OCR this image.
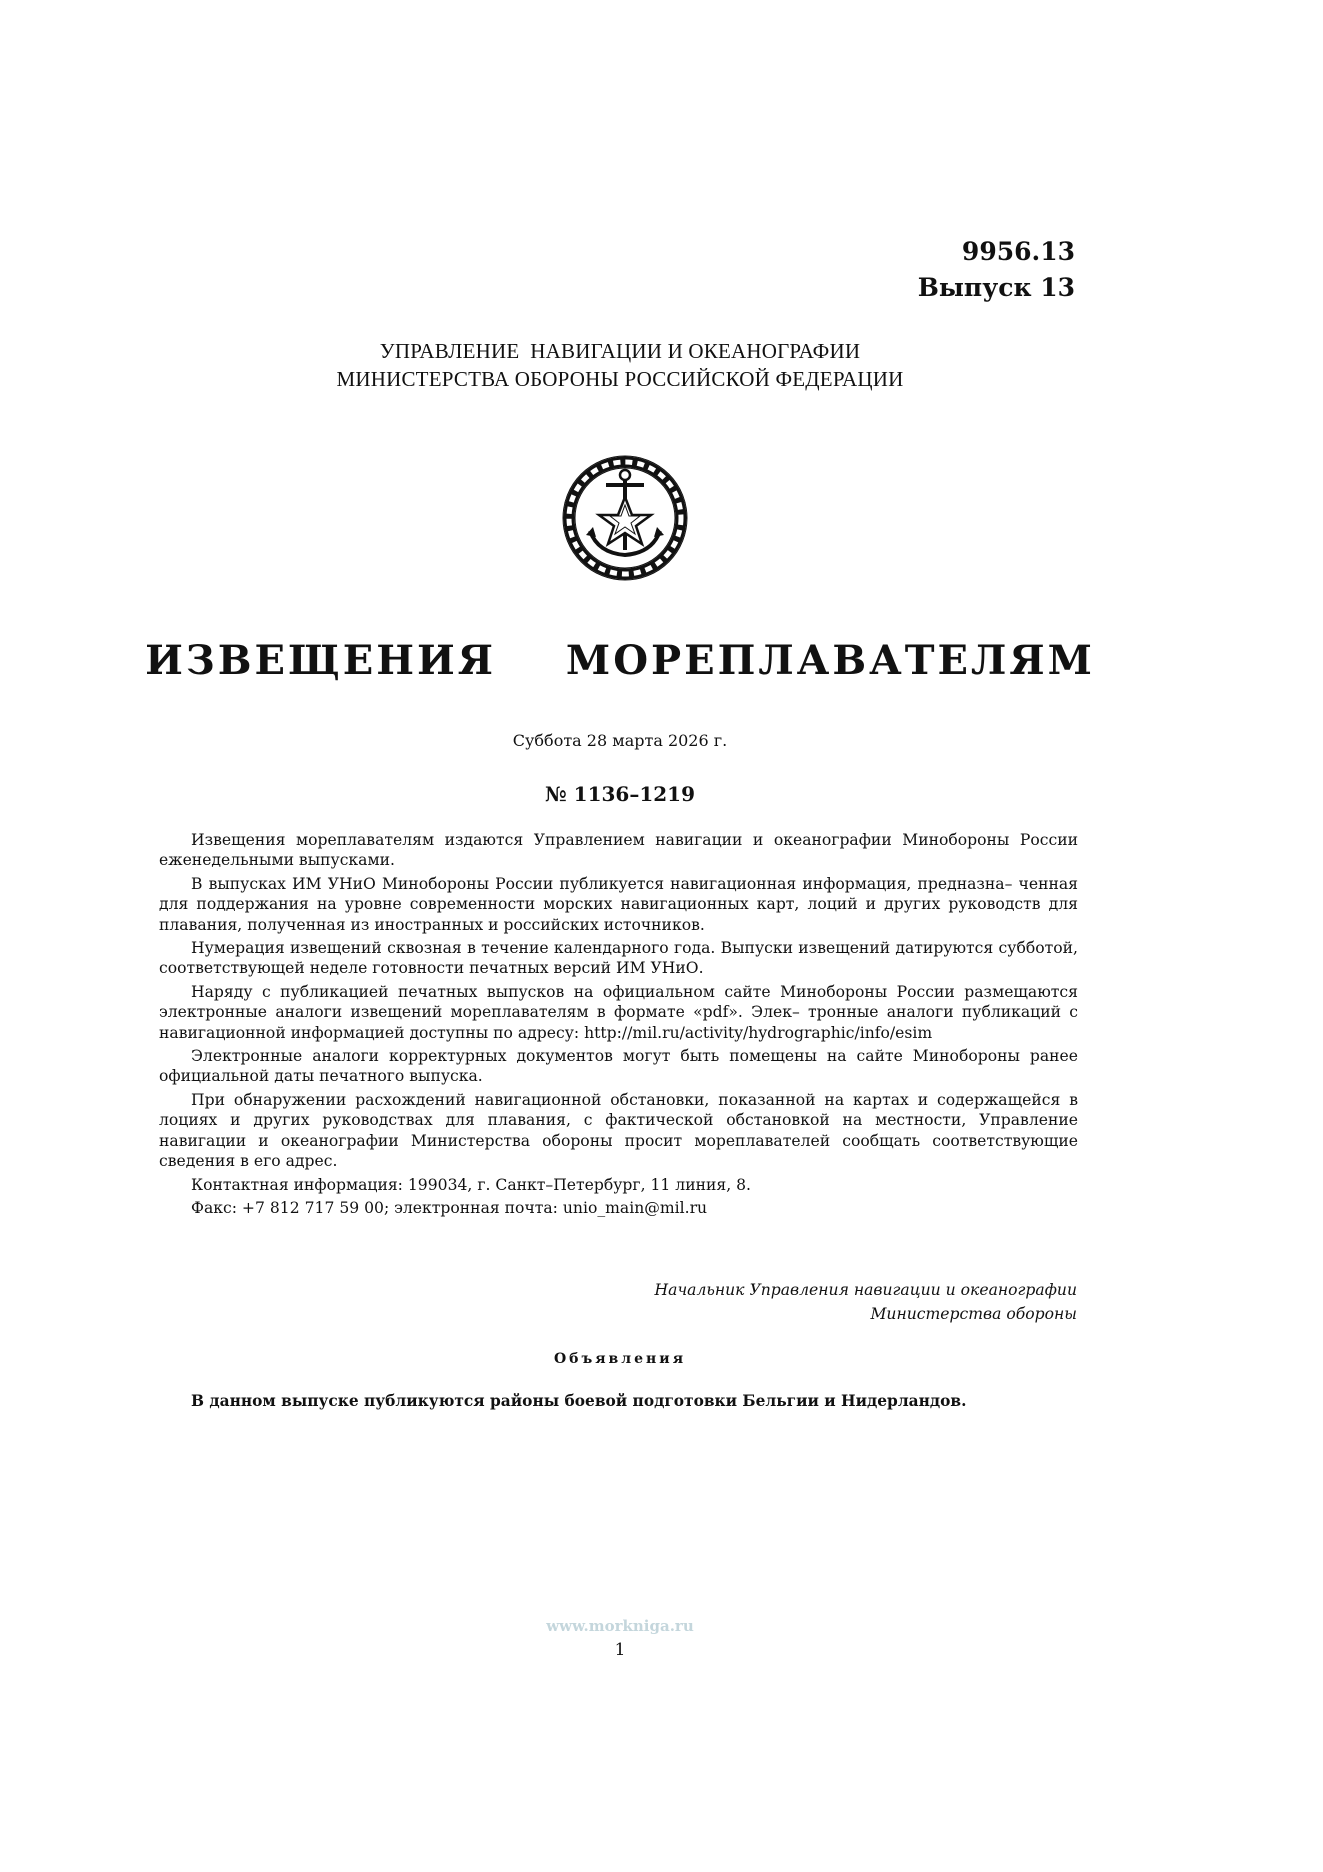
9956.13
Выпуск 13
УПРАВЛЕНИЕ  НАВИГАЦИИ И ОКЕАНОГРАФИИ
МИНИСТЕРСТВА ОБОРОНЫ РОССИЙСКОЙ ФЕДЕРАЦИИ
ИЗВЕЩЕНИЯ  МОРЕПЛАВАТЕЛЯМ
Суббота 28 марта 2026 г.
№ 1136–1219

Извещения мореплавателям издаются Управлением навигации и океанографии Минобороны России еженедельными выпусками.

В выпусках ИМ УНиО Минобороны России публикуется навигационная информация, предназна– ченная для поддержания на уровне современности морских навигационных карт, лоций и других руководств для плавания, полученная из иностранных и российских источников.

Нумерация извещений сквозная в течение календарного года. Выпуски извещений датируются субботой, соответствующей неделе готовности печатных версий ИМ УНиО.

Наряду с публикацией печатных выпусков на официальном сайте Минобороны России размещаются электронные аналоги извещений мореплавателям в формате «pdf». Элек– тронные аналоги публикаций с навигационной информацией доступны по адресу: http://mil.ru/activity/hydrographic/info/esim

Электронные аналоги корректурных документов могут быть помещены на сайте Минобороны ранее официальной даты печатного выпуска.

При обнаружении расхождений навигационной обстановки, показанной на картах и содержащейся в лоциях и других руководствах для плавания, с фактической обстановкой на местности, Управление навигации и океанографии Министерства обороны просит мореплавателей сообщать соответствующие сведения в его адрес.

Контактная информация: 199034, г. Санкт–Петербург, 11 линия, 8.

Факс: +7 812 717 59 00; электронная почта: unio_main@mil.ru

Начальник Управления навигации и океанографии
Министерства обороны
Объявления
В данном выпуске публикуются районы боевой подготовки Бельгии и Нидерландов.
www.morkniga.ru
1
